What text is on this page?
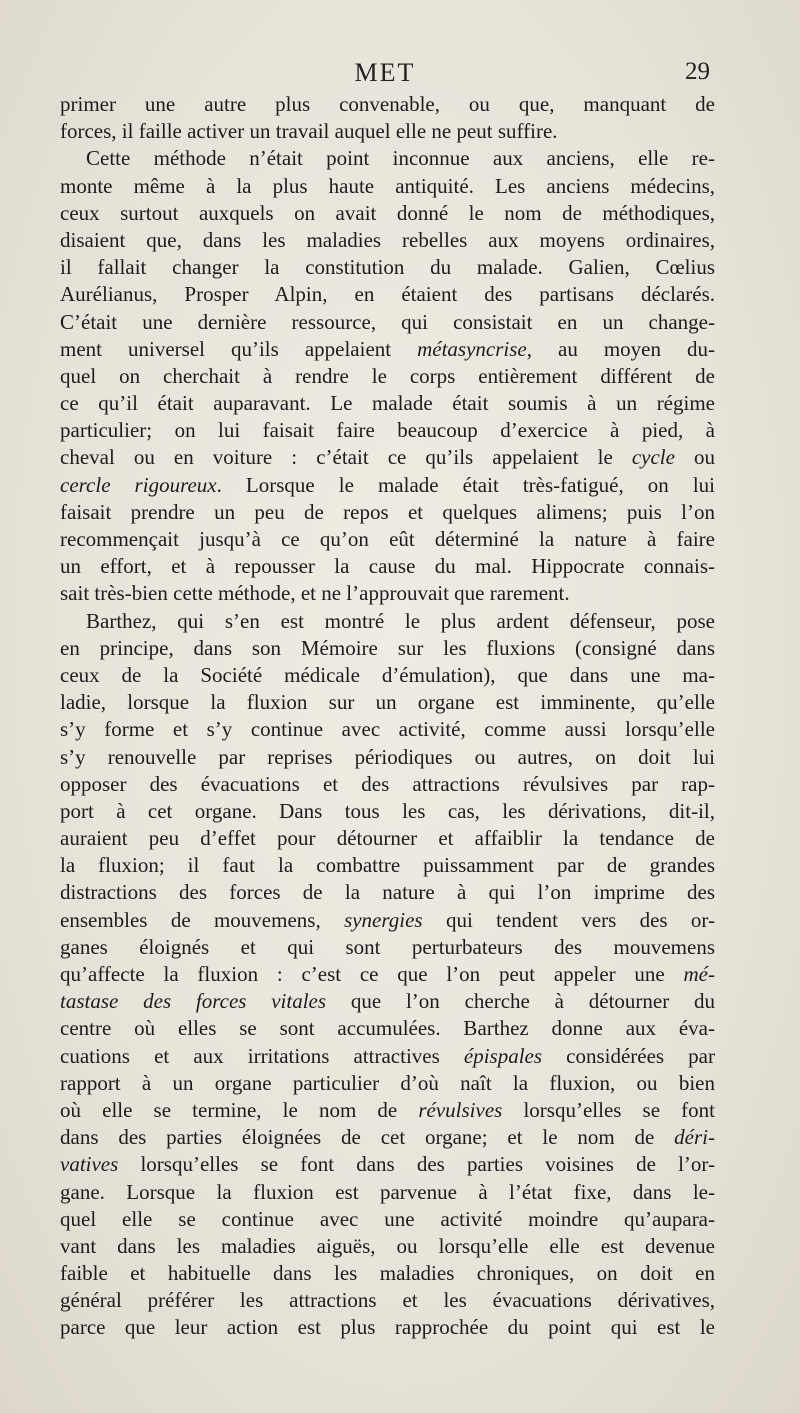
MET	29
primer une autre plus convenable, ou que, manquant de
forces, il faille activer un travail auquel elle ne peut suffire.
Cette méthode n’était point inconnue aux anciens, elle re-
monte même à la plus haute antiquité. Les anciens médecins,
ceux surtout auxquels on avait donné le nom de méthodiques,
disaient que, dans les maladies rebelles aux moyens ordinaires,
il fallait changer la constitution du malade. Galien, Cœlius
Aurélianus, Prosper Alpin, en étaient des partisans déclarés.
C’était une dernière ressource, qui consistait en un change-
ment universel qu’ils appelaient métasyncrise, au moyen du-
quel on cherchait à rendre le corps entièrement différent de
ce qu’il était auparavant. Le malade était soumis à un régime
particulier; on lui faisait faire beaucoup d’exercice à pied, à
cheval ou en voiture : c’était ce qu’ils appelaient le cycle ou
cercle rigoureux. Lorsque le malade était très-fatigué, on lui
faisait prendre un peu de repos et quelques alimens; puis l’on
recommençait jusqu’à ce qu’on eût déterminé la nature à faire
un effort, et à repousser la cause du mal. Hippocrate connais-
sait très-bien cette méthode, et ne l’approuvait que rarement.
Barthez, qui s’en est montré le plus ardent défenseur, pose
en principe, dans son Mémoire sur les fluxions (consigné dans
ceux de la Société médicale d’émulation), que dans une ma-
ladie, lorsque la fluxion sur un organe est imminente, qu’elle
s’y forme et s’y continue avec activité, comme aussi lorsqu’elle
s’y renouvelle par reprises périodiques ou autres, on doit lui
opposer des évacuations et des attractions révulsives par rap-
port à cet organe. Dans tous les cas, les dérivations, dit-il,
auraient peu d’effet pour détourner et affaiblir la tendance de
la fluxion; il faut la combattre puissamment par de grandes
distractions des forces de la nature à qui l’on imprime des
ensembles de mouvemens, synergies qui tendent vers des or-
ganes éloignés et qui sont perturbateurs des mouvemens
qu’affecte la fluxion : c’est ce que l’on peut appeler une mé-
tastase des forces vitales que l’on cherche à détourner du
centre où elles se sont accumulées. Barthez donne aux éva-
cuations et aux irritations attractives épispales considérées par
rapport à un organe particulier d’où naît la fluxion, ou bien
où elle se termine, le nom de révulsives lorsqu’elles se font
dans des parties éloignées de cet organe; et le nom de déri-
vatives lorsqu’elles se font dans des parties voisines de l’or-
gane. Lorsque la fluxion est parvenue à l’état fixe, dans le-
quel elle se continue avec une activité moindre qu’aupara-
vant dans les maladies aiguës, ou lorsqu’elle elle est devenue
faible et habituelle dans les maladies chroniques, on doit en
général préférer les attractions et les évacuations dérivatives,
parce que leur action est plus rapprochée du point qui est le
